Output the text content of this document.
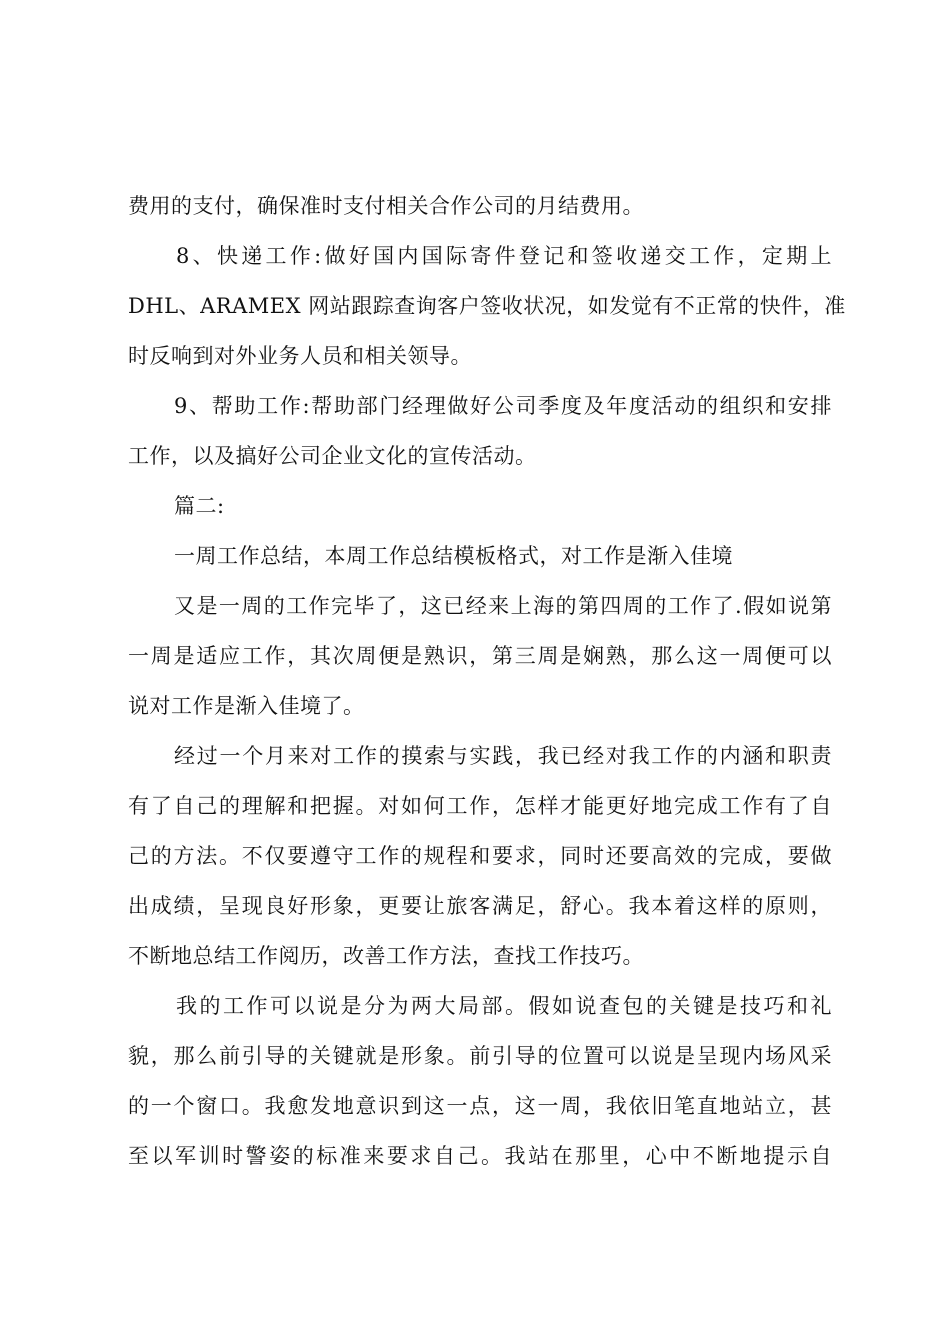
费用的支付，确保准时支付相关合作公司的月结费用。
8、快递工作:做好国内国际寄件登记和签收递交工作，定期上
DHL、ARAMEX 网站跟踪查询客户签收状况，如发觉有不正常的快件，准
时反响到对外业务人员和相关领导。
9、帮助工作:帮助部门经理做好公司季度及年度活动的组织和安排
工作，以及搞好公司企业文化的宣传活动。
篇二:
一周工作总结，本周工作总结模板格式，对工作是渐入佳境
又是一周的工作完毕了，这已经来上海的第四周的工作了.假如说第
一周是适应工作，其次周便是熟识，第三周是娴熟，那么这一周便可以
说对工作是渐入佳境了。
经过一个月来对工作的摸索与实践，我已经对我工作的内涵和职责
有了自己的理解和把握。对如何工作，怎样才能更好地完成工作有了自
己的方法。不仅要遵守工作的规程和要求，同时还要高效的完成，要做
出成绩，呈现良好形象，更要让旅客满足，舒心。我本着这样的原则，
不断地总结工作阅历，改善工作方法，查找工作技巧。
我的工作可以说是分为两大局部。假如说查包的关键是技巧和礼
貌，那么前引导的关键就是形象。前引导的位置可以说是呈现内场风采
的一个窗口。我愈发地意识到这一点，这一周，我依旧笔直地站立，甚
至以军训时警姿的标准来要求自己。我站在那里，心中不断地提示自
